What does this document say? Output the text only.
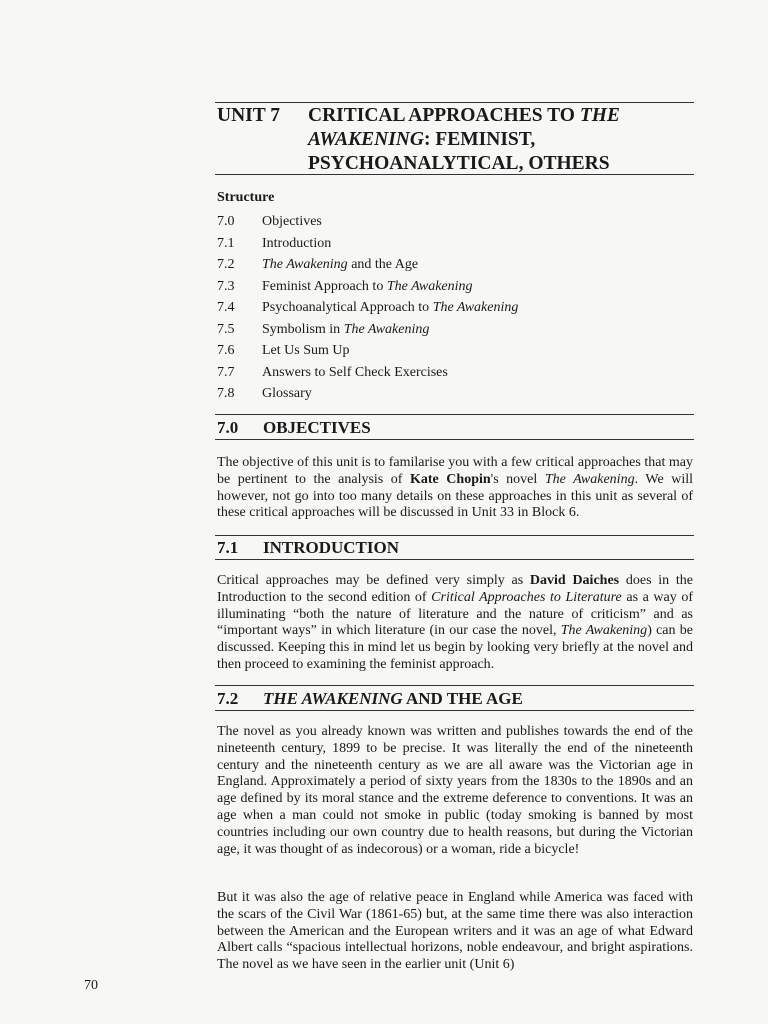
UNIT 7 CRITICAL APPROACHES TO THE
AWAKENING: FEMINIST,
PSYCHOANALYTICAL, OTHERS
Structure
7.0 Objectives
7.1 Introduction
7.2 The Awakening and the Age
7.3 Feminist Approach to The Awakening
7.4 Psychoanalytical Approach to The Awakening
7.5 Symbolism in The Awakening
7.6 Let Us Sum Up
7.7 Answers to Self Check Exercises
7.8 Glossary
7.0 OBJECTIVES

The objective of this unit is to familarise you with a few critical approaches that may be pertinent to the analysis of Kate Chopin's novel The Awakening. We will however, not go into too many details on these approaches in this unit as several of these critical approaches will be discussed in Unit 33 in Block 6.

7.1 INTRODUCTION

Critical approaches may be defined very simply as David Daiches does in the Introduction to the second edition of Critical Approaches to Literature as a way of illuminating “both the nature of literature and the nature of criticism” and as “important ways” in which literature (in our case the novel, The Awakening) can be discussed. Keeping this in mind let us begin by looking very briefly at the novel and then proceed to examining the feminist approach.

7.2 THE AWAKENING AND THE AGE

The novel as you already known was written and publishes towards the end of the nineteenth century, 1899 to be precise. It was literally the end of the nineteenth century and the nineteenth century as we are all aware was the Victorian age in England. Approximately a period of sixty years from the 1830s to the 1890s and an age defined by its moral stance and the extreme deference to conventions. It was an age when a man could not smoke in public (today smoking is banned by most countries including our own country due to health reasons, but during the Victorian age, it was thought of as indecorous) or a woman, ride a bicycle!

But it was also the age of relative peace in England while America was faced with the scars of the Civil War (1861-65) but, at the same time there was also interaction between the American and the European writers and it was an age of what Edward Albert calls “spacious intellectual horizons, noble endeavour, and bright aspirations. The novel as we have seen in the earlier unit (Unit 6)

70
